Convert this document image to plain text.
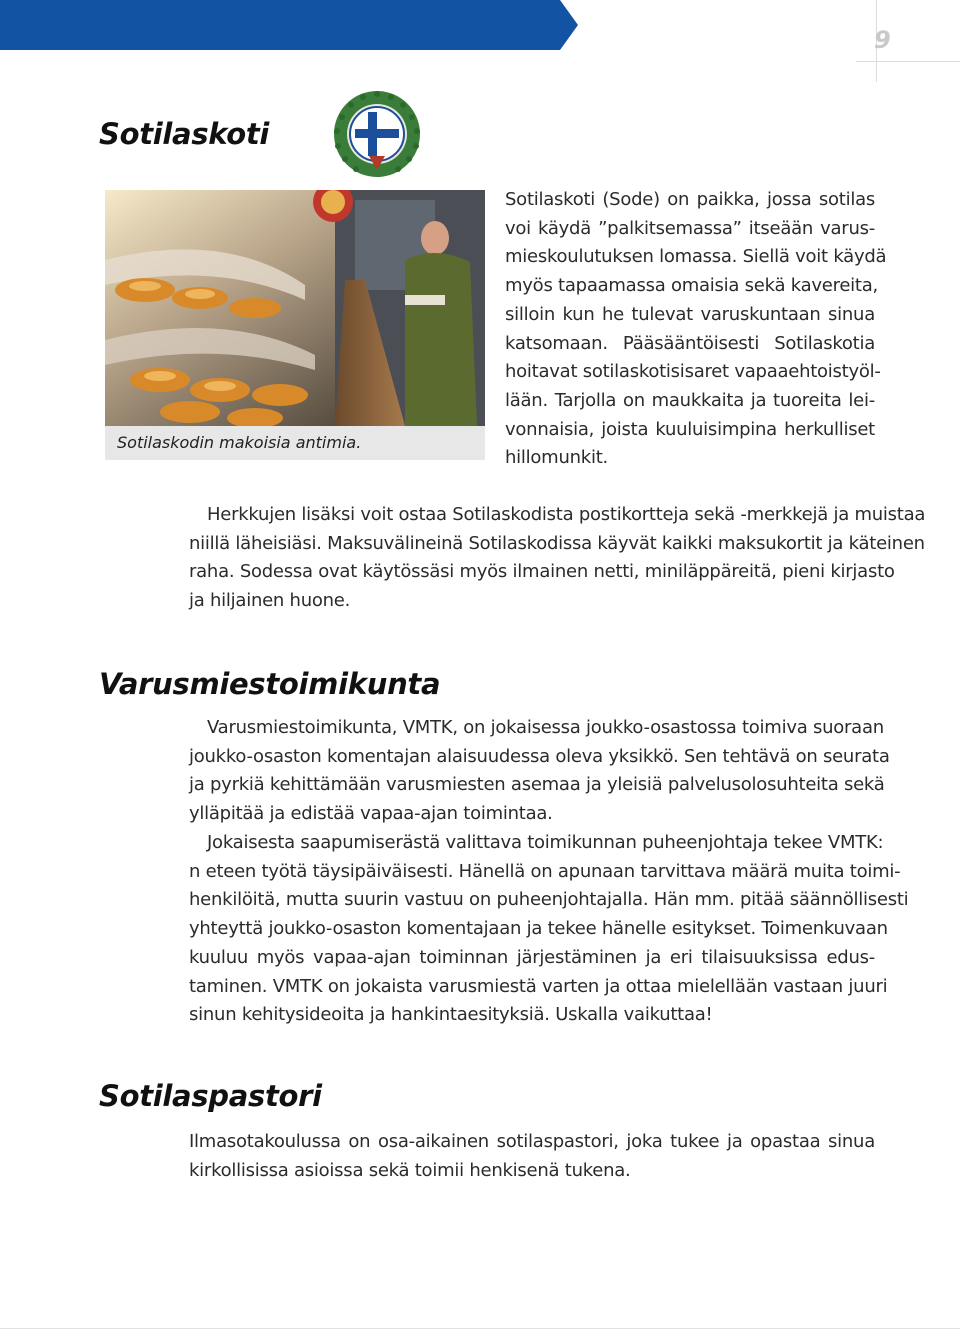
9
Sotilaskoti
Sotilaskodin makoisia antimia.
Sotilaskoti (Sode) on paikka, jossa sotilas
voi käydä ”palkitsemassa” itseään varus-
mieskoulutuksen lomassa. Siellä voit käydä
myös tapaamassa omaisia sekä kavereita,
silloin kun he tulevat varuskuntaan sinua
katsomaan. Pääsääntöisesti Sotilaskotia
hoitavat sotilaskotisisaret vapaaehtoistyöl-
lään. Tarjolla on maukkaita ja tuoreita lei-
vonnaisia, joista kuuluisimpina herkulliset
hillomunkit.
Herkkujen lisäksi voit ostaa Sotilaskodista postikortteja sekä -merkkejä ja muistaa
niillä läheisiäsi. Maksuvälineinä Sotilaskodissa käyvät kaikki maksukortit ja käteinen
raha. Sodessa ovat käytössäsi myös ilmainen netti, miniläppäreitä, pieni kirjasto
ja hiljainen huone.
Varusmiestoimikunta
Varusmiestoimikunta, VMTK, on jokaisessa joukko-osastossa toimiva suoraan
joukko-osaston komentajan alaisuudessa oleva yksikkö. Sen tehtävä on seurata
ja pyrkiä kehittämään varusmiesten asemaa ja yleisiä palvelusolosuhteita sekä
ylläpitää ja edistää vapaa-ajan toimintaa.
Jokaisesta saapumiserästä valittava toimikunnan puheenjohtaja tekee VMTK:
n eteen työtä täysipäiväisesti. Hänellä on apunaan tarvittava määrä muita toimi-
henkilöitä, mutta suurin vastuu on puheenjohtajalla. Hän mm. pitää säännöllisesti
yhteyttä joukko-osaston komentajaan ja tekee hänelle esitykset. Toimenkuvaan
kuuluu myös vapaa-ajan toiminnan järjestäminen ja eri tilaisuuksissa edus-
taminen. VMTK on jokaista varusmiestä varten ja ottaa mielellään vastaan juuri
sinun kehitysideoita ja hankintaesityksiä. Uskalla vaikuttaa!
Sotilaspastori
Ilmasotakoulussa on osa-aikainen sotilaspastori, joka tukee ja opastaa sinua
kirkollisissa asioissa sekä toimii henkisenä tukena.
